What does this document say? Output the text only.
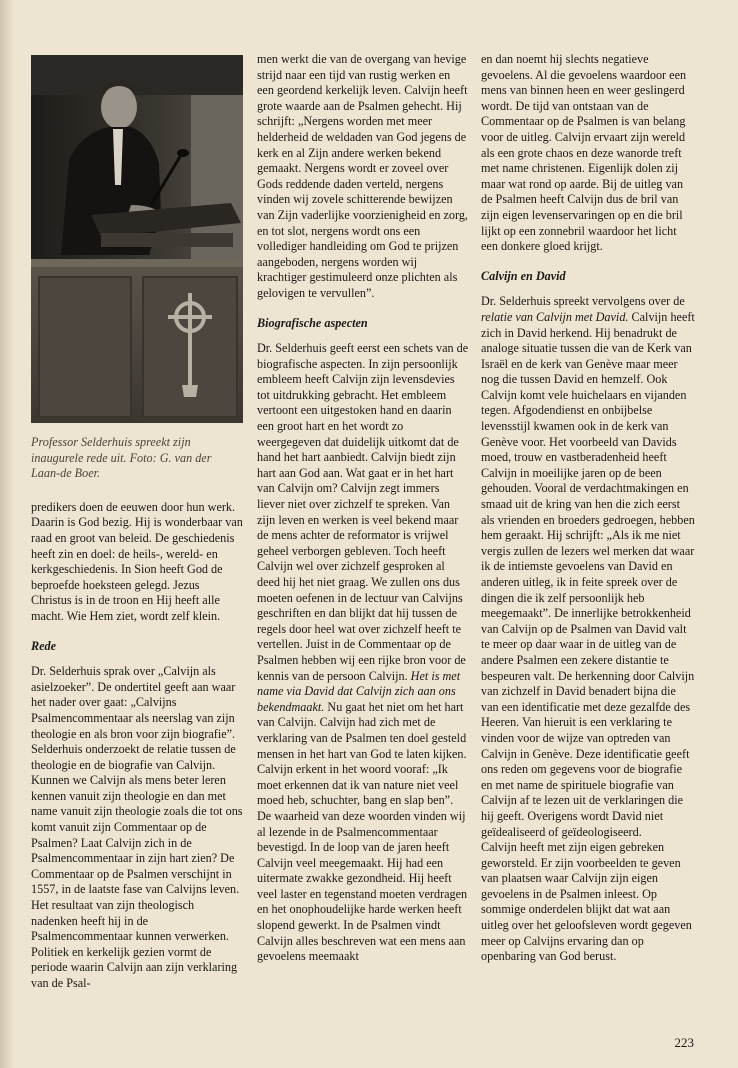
Professor Selderhuis spreekt zijn inaugurele rede uit. Foto: G. van der Laan-de Boer.

predikers doen de eeuwen door hun werk. Daarin is God bezig. Hij is wonderbaar van raad en groot van beleid. De geschiedenis heeft zin en doel: de heils-, wereld- en kerkgeschiedenis. In Sion heeft God de beproefde hoeksteen gelegd. Jezus Christus is in de troon en Hij heeft alle macht. Wie Hem ziet, wordt zelf klein.

Rede

Dr. Selderhuis sprak over „Calvijn als asielzoeker”. De ondertitel geeft aan waar het nader over gaat: „Calvijns Psalmencommentaar als neerslag van zijn theologie en als bron voor zijn biografie”. Selderhuis onderzoekt de relatie tussen de theologie en de biografie van Calvijn. Kunnen we Calvijn als mens beter leren kennen vanuit zijn theologie en dan met name vanuit zijn theologie zoals die tot ons komt vanuit zijn Commentaar op de Psalmen? Laat Calvijn zich in de Psalmencommentaar in zijn hart zien? De Commentaar op de Psalmen verschijnt in 1557, in de laatste fase van Calvijns leven. Het resultaat van zijn theologisch nadenken heeft hij in de Psalmencommentaar kunnen verwerken. Politiek en kerkelijk gezien vormt de periode waarin Calvijn aan zijn verklaring van de Psal-

men werkt die van de overgang van hevige strijd naar een tijd van rustig werken en een geordend kerkelijk leven. Calvijn heeft grote waarde aan de Psalmen gehecht. Hij schrijft: „Nergens worden met meer helderheid de weldaden van God jegens de kerk en al Zijn andere werken bekend gemaakt. Nergens wordt er zoveel over Gods reddende daden verteld, nergens vinden wij zovele schitterende bewijzen van Zijn vaderlijke voorzienigheid en zorg, en tot slot, nergens wordt ons een vollediger handleiding om God te prijzen aangeboden, nergens worden wij krachtiger gestimuleerd onze plichten als gelovigen te vervullen”.

Biografische aspecten

Dr. Selderhuis geeft eerst een schets van de biografische aspecten. In zijn persoonlijk embleem heeft Calvijn zijn levensdevies tot uitdrukking gebracht. Het embleem vertoont een uitgestoken hand en daarin een groot hart en het wordt zo weergegeven dat duidelijk uitkomt dat de hand het hart aanbiedt. Calvijn biedt zijn hart aan God aan. Wat gaat er in het hart van Calvijn om? Calvijn zegt immers liever niet over zichzelf te spreken. Van zijn leven en werken is veel bekend maar de mens achter de reformator is vrijwel geheel verborgen gebleven. Toch heeft Calvijn wel over zichzelf gesproken al deed hij het niet graag. We zullen ons dus moeten oefenen in de lectuur van Calvijns geschriften en dan blijkt dat hij tussen de regels door heel wat over zichzelf heeft te vertellen. Juist in de Commentaar op de Psalmen hebben wij een rijke bron voor de kennis van de persoon Calvijn. Het is met name via David dat Calvijn zich aan ons bekendmaakt. Nu gaat het niet om het hart van Calvijn. Calvijn had zich met de verklaring van de Psalmen ten doel gesteld mensen in het hart van God te laten kijken. Calvijn erkent in het woord vooraf: „Ik moet erkennen dat ik van nature niet veel moed heb, schuchter, bang en slap ben”. De waarheid van deze woorden vinden wij al lezende in de Psalmencommentaar bevestigd. In de loop van de jaren heeft Calvijn veel meegemaakt. Hij had een uitermate zwakke gezondheid. Hij heeft veel laster en tegenstand moeten verdragen en het onophoudelijke harde werken heeft slopend gewerkt. In de Psalmen vindt Calvijn alles beschreven wat een mens aan gevoelens meemaakt

en dan noemt hij slechts negatieve gevoelens. Al die gevoelens waardoor een mens van binnen heen en weer geslingerd wordt. De tijd van ontstaan van de Commentaar op de Psalmen is van belang voor de uitleg. Calvijn ervaart zijn wereld als een grote chaos en deze wanorde treft met name christenen. Eigenlijk dolen zij maar wat rond op aarde. Bij de uitleg van de Psalmen heeft Calvijn dus de bril van zijn eigen levenservaringen op en die bril lijkt op een zonnebril waardoor het licht een donkere gloed krijgt.

Calvijn en David

Dr. Selderhuis spreekt vervolgens over de relatie van Calvijn met David. Calvijn heeft zich in David herkend. Hij benadrukt de analoge situatie tussen die van de Kerk van Israël en de kerk van Genève maar meer nog die tussen David en hemzelf. Ook Calvijn komt vele huichelaars en vijanden tegen. Afgodendienst en onbijbelse levensstijl kwamen ook in de kerk van Genève voor. Het voorbeeld van Davids moed, trouw en vastberadenheid heeft Calvijn in moeilijke jaren op de been gehouden. Vooral de verdachtmakingen en smaad uit de kring van hen die zich eerst als vrienden en broeders gedroegen, hebben hem geraakt. Hij schrijft: „Als ik me niet vergis zullen de lezers wel merken dat waar ik de intiemste gevoelens van David en anderen uitleg, ik in feite spreek over de dingen die ik zelf persoonlijk heb meegemaakt”. De innerlijke betrokkenheid van Calvijn op de Psalmen van David valt te meer op daar waar in de uitleg van de andere Psalmen een zekere distantie te bespeuren valt. De herkenning door Calvijn van zichzelf in David benadert bijna die van een identificatie met deze gezalfde des Heeren. Van hieruit is een verklaring te vinden voor de wijze van optreden van Calvijn in Genève. Deze identificatie geeft ons reden om gegevens voor de biografie en met name de spirituele biografie van Calvijn af te lezen uit de verklaringen die hij geeft. Overigens wordt David niet geïdealiseerd of geïdeologiseerd.

Calvijn heeft met zijn eigen gebreken geworsteld. Er zijn voorbeelden te geven van plaatsen waar Calvijn zijn eigen gevoelens in de Psalmen inleest. Op sommige onderdelen blijkt dat wat aan uitleg over het geloofsleven wordt gegeven meer op Calvijns ervaring dan op openbaring van God berust.

223
